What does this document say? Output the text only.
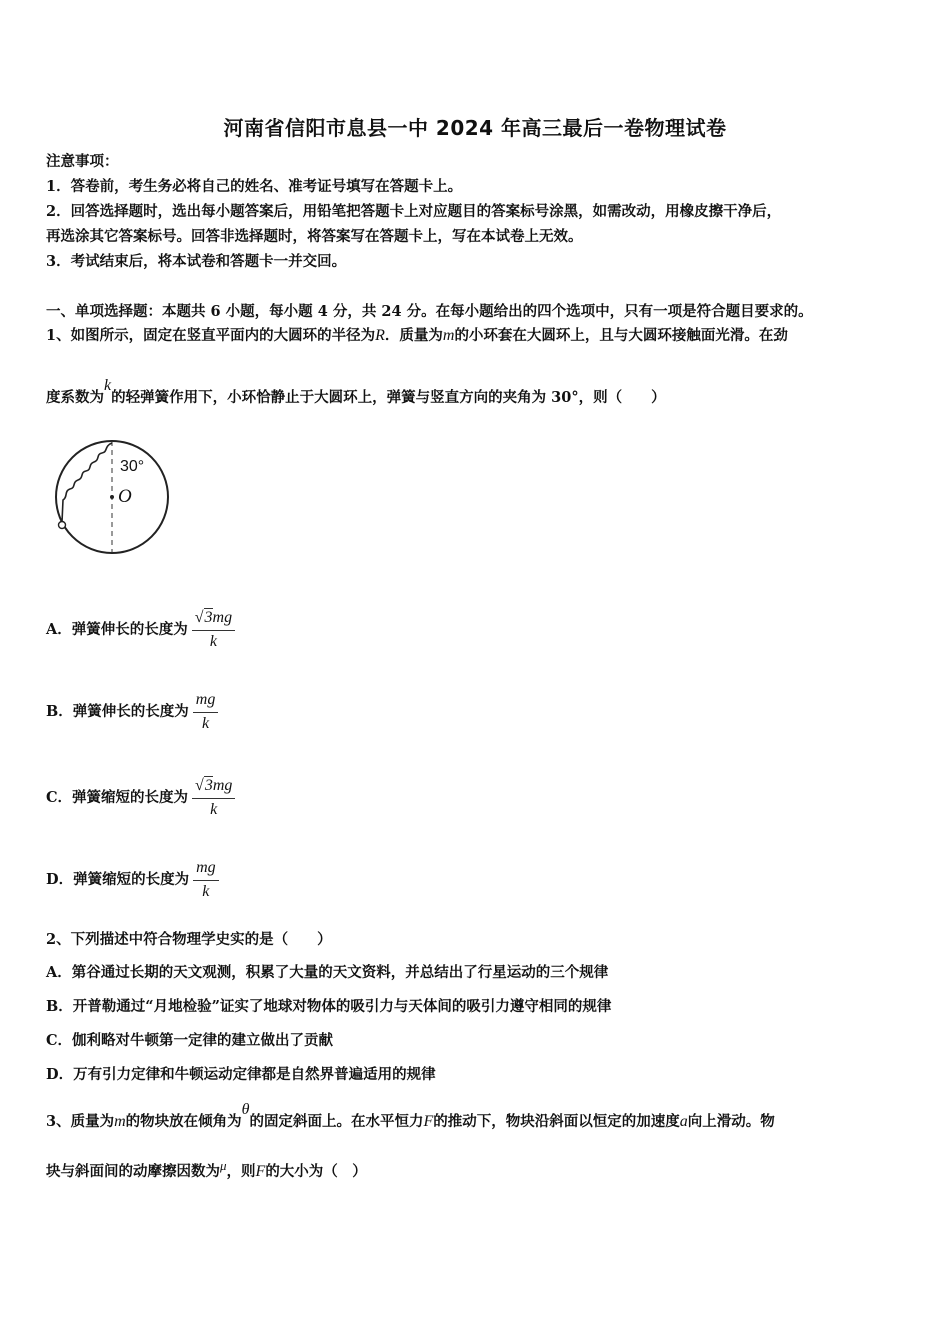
河南省信阳市息县一中 2024 年高三最后一卷物理试卷
注意事项：
1．答卷前，考生务必将自己的姓名、准考证号填写在答题卡上。
2．回答选择题时，选出每小题答案后，用铅笔把答题卡上对应题目的答案标号涂黑，如需改动，用橡皮擦干净后，
再选涂其它答案标号。回答非选择题时，将答案写在答题卡上，写在本试卷上无效。
3．考试结束后，将本试卷和答题卡一并交回。
一、单项选择题：本题共 6 小题，每小题 4 分，共 24 分。在每小题给出的四个选项中，只有一项是符合题目要求的。
1、如图所示，固定在竖直平面内的大圆环的半径为R．质量为m的小环套在大圆环上，且与大圆环接触面光滑。在劲
度系数为k的轻弹簧作用下，小环恰静止于大圆环上，弹簧与竖直方向的夹角为 30°，则（　　）
O
30°
A．弹簧伸长的长度为 $\frac{√3mg}{k}$
B．弹簧伸长的长度为 $\frac{mg}{k}$
C．弹簧缩短的长度为 $\frac{√3mg}{k}$
D．弹簧缩短的长度为 $\frac{mg}{k}$
2、下列描述中符合物理学史实的是（　　）
A．第谷通过长期的天文观测，积累了大量的天文资料，并总结出了行星运动的三个规律
B．开普勒通过“月地检验”证实了地球对物体的吸引力与天体间的吸引力遵守相同的规律
C．伽利略对牛顿第一定律的建立做出了贡献
D．万有引力定律和牛顿运动定律都是自然界普遍适用的规律
3、质量为m的物块放在倾角为θ的固定斜面上。在水平恒力F的推动下，物块沿斜面以恒定的加速度a向上滑动。物
块与斜面间的动摩擦因数为μ，则F的大小为（　）
